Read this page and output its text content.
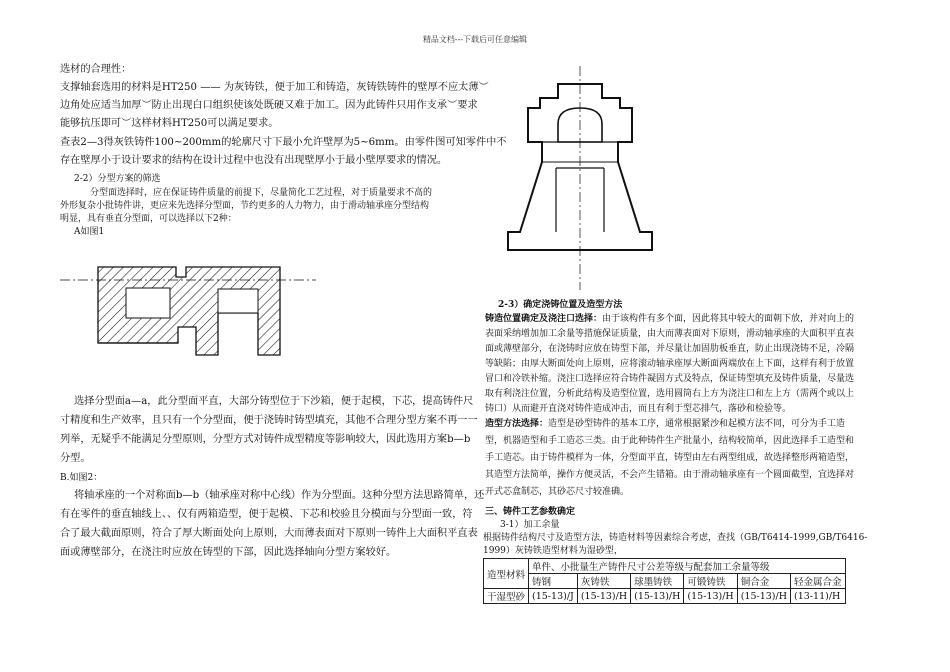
精品文档---下载后可任意编辑
选材的合理性：
支撑轴套选用的材料是HT250 —— 为灰铸铁，便于加工和铸造，灰铸铁铸件的壁厚不应太薄︶
边角处应适当加厚︶防止出现白口组织使该处既硬又难于加工。因为此铸件只用作支承︶要求
能够抗压即可︶这样材料HT250可以满足要求。
查表2—3得灰铁铸件100~200mm的轮廓尺寸下最小允许壁厚为5~6mm。由零件图可知零件中不
存在壁厚小于设计要求的结构在设计过程中也没有出现壁厚小于最小壁厚要求的情况。
2-2）分型方案的筛选
分型面选择时，应在保证铸件质量的前提下，尽量简化工艺过程，对于质量要求不高的
外形复杂小批铸件讲，更应来先选择分型面，节约更多的人力物力，由于滑动轴承座分型结构
明显，具有垂直分型面，可以选择以下2种：
A如图1
选择分型面a—a，此分型面平直，大部分铸型位于下沙箱，便于起模，下芯，提高铸件尺
寸精度和生产效率，且只有一个分型面，便于浇铸时铸型填充，其他不合理分型方案不再一一
列举，无疑乎不能满足分型原则，分型方式对铸件成型精度等影响较大，因此选用方案b—b
分型。
B.如图2：
将轴承座的一个对称面b—b（轴承座对称中心线）作为分型面。这种分型方法思路简单，还
有在零件的垂直轴线上、、仅有两箱造型，便于起模、下芯和校验且分模面与分型面一致，符
合了最大截面原则，符合了厚大断面处向上原则，大而薄表面对下原则一铸件上大面积平直表
面或薄壁部分，在浇注时应放在铸型的下部，因此选择轴向分型方案较好。
2-3）确定浇铸位置及造型方法
铸造位置确定及浇注口选择：由于该构件有多个面，因此将其中较大的面朝下放，并对向上的
表面采纳增加加工余量等措施保证质量，由大而薄表面对下原则，滑动轴承座的大面积平直表
面或薄壁部分，在浇铸时应放在铸型下部，并尽量让加固肋板垂直，防止出现浇铸不足，冷隔
等缺陷；由厚大断面处向上原则，应将滚动轴承座厚大断面两端放在上下面，这样有利于放置
冒口和冷铁补缩。浇注口选择应符合铸件凝固方式及特点，保证铸型填充及铸件质量，尽量选
取有利浇注位置，分析此结构及造型位置，选用圆筒右上方为浇注口和左上方（需两个或以上
铸口）从而避开直浇对铸件造成冲击，而且有利于型芯排气，落砂和检验等。
造型方法选择：造型是砂型铸件的基本工序，通常根据紧沙和起模方法不同，可分为手工造
型，机器造型和手工造芯三类。由于此种铸件生产批量小，结构较简单，因此选择手工造型和
手工造芯。由于铸件模样为一体，分型面平直，铸型由左右两型组成，故选择整形两箱造型，
其造型方法简单，操作方便灵活，不会产生错箱。由于滑动轴承座有一个圆面截型，宜选择对
开式芯盒制芯，其砂芯尺寸较准确。
三、铸件工艺参数确定
3-1）加工余量
根据铸件结构尺寸及造型方法，铸造材料等因素综合考虑，查找（GB/T6414-1999,GB/T6416-
1999）灰铸铁造型材料为湿砂型，
造型材料	单件、小批量生产铸件尺寸公差等级与配套加工余量等级					
	铸钢	灰铸铁	球墨铸铁	可锻铸铁	铜合金	轻金属合金
干湿型砂	(15-13)/J	(15-13)/H	(15-13)/H	(15-13)/H	(15-13)/H	(13-11)/H
